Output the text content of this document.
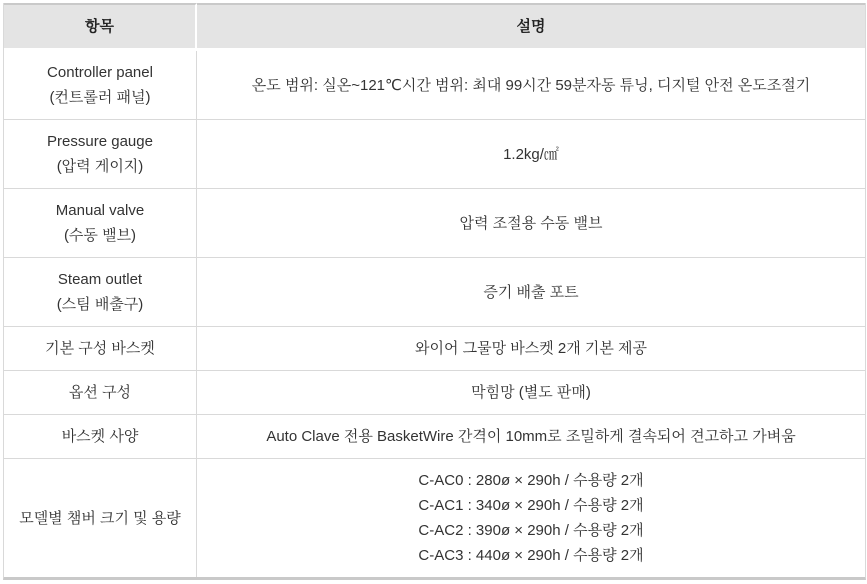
항목	설명

Controller panel
(컨트롤러 패널)	온도 범위: 실온~121℃시간 범위: 최대 99시간 59분자동 튜닝, 디지털 안전 온도조절기

Pressure gauge
(압력 게이지)	1.2kg/㎠

Manual valve
(수동 밸브)	압력 조절용 수동 밸브

Steam outlet
(스팀 배출구)	증기 배출 포트

기본 구성 바스켓	와이어 그물망 바스켓 2개 기본 제공

옵션 구성	막힘망 (별도 판매)

바스켓 사양	Auto Clave 전용 BasketWire 간격이 10mm로 조밀하게 결속되어 견고하고 가벼움

모델별 챔버 크기 및 용량	C-AC0 : 280ø × 290h / 수용량 2개
C-AC1 : 340ø × 290h / 수용량 2개
C-AC2 : 390ø × 290h / 수용량 2개
C-AC3 : 440ø × 290h / 수용량 2개
